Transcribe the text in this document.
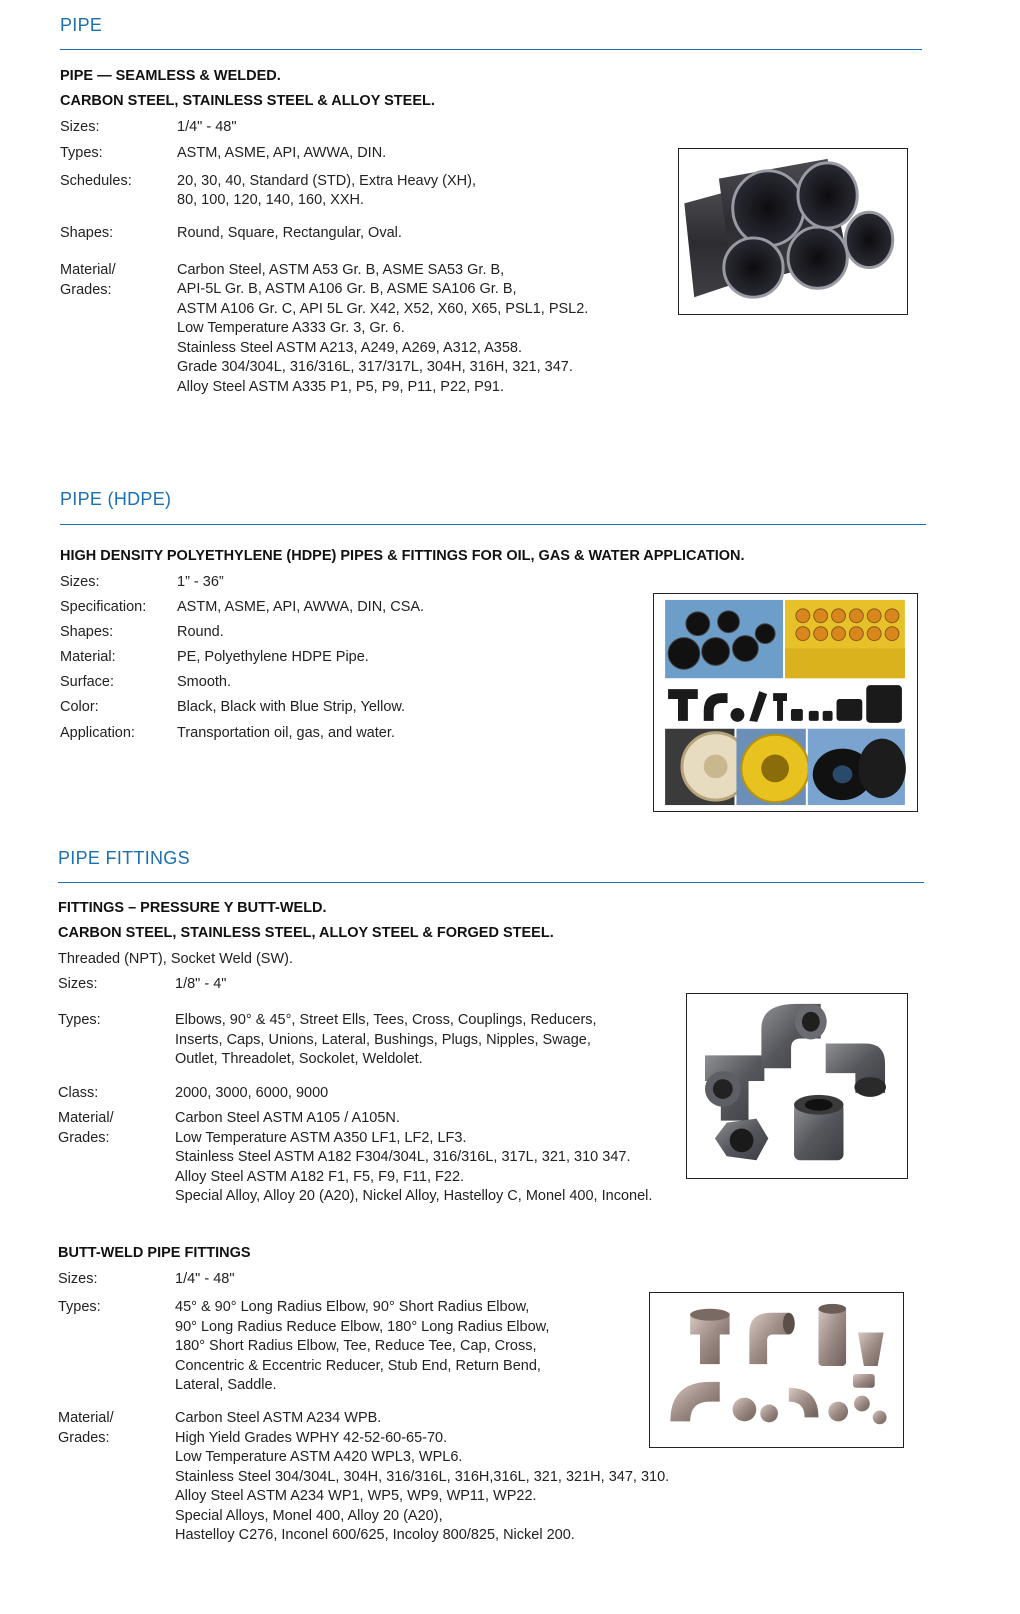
PIPE
PIPE — SEAMLESS & WELDED.
CARBON STEEL, STAINLESS STEEL & ALLOY STEEL.
Sizes:	1/4" - 48"
Types:	ASTM, ASME, API, AWWA, DIN.
Schedules:	20, 30, 40, Standard (STD), Extra Heavy (XH),
80, 100, 120, 140, 160, XXH.
Shapes:	Round, Square, Rectangular, Oval.
Material/
Grades:
Carbon Steel, ASTM A53 Gr. B, ASME SA53 Gr. B,
API-5L Gr. B, ASTM A106 Gr. B, ASME SA106 Gr. B,
ASTM A106 Gr. C, API 5L Gr. X42, X52, X60, X65, PSL1, PSL2.
Low Temperature A333 Gr. 3, Gr. 6.
Stainless Steel ASTM A213, A249, A269, A312, A358.
Grade 304/304L, 316/316L, 317/317L, 304H, 316H, 321, 347.
Alloy Steel ASTM A335 P1, P5, P9, P11, P22, P91.
PIPE (HDPE)
HIGH DENSITY POLYETHYLENE (HDPE) PIPES & FITTINGS FOR OIL, GAS & WATER APPLICATION.
Sizes:	1” - 36”
Specification: ASTM, ASME, API, AWWA, DIN, CSA.
Shapes:	Round.
Material:	PE, Polyethylene HDPE Pipe.
Surface:	Smooth.
Color:	Black, Black with Blue Strip, Yellow.
Application:	Transportation oil, gas, and water.
PIPE FITTINGS
FITTINGS – PRESSURE Y BUTT-WELD.
CARBON STEEL, STAINLESS STEEL, ALLOY STEEL & FORGED STEEL.
Threaded (NPT), Socket Weld (SW).
Sizes:	1/8" - 4"
Types:	Elbows, 90° & 45°, Street Ells, Tees, Cross, Couplings, Reducers,
Inserts, Caps, Unions, Lateral, Bushings, Plugs, Nipples, Swage,
Outlet, Threadolet, Sockolet, Weldolet.
Class:	2000, 3000, 6000, 9000
Material/
Grades:
Carbon Steel ASTM A105 / A105N.
Low Temperature ASTM A350 LF1, LF2, LF3.
Stainless Steel ASTM A182 F304/304L, 316/316L, 317L, 321, 310 347.
Alloy Steel ASTM A182 F1, F5, F9, F11, F22.
Special Alloy, Alloy 20 (A20), Nickel Alloy, Hastelloy C, Monel 400, Inconel.
BUTT-WELD PIPE FITTINGS
Sizes:	1/4" - 48"
Types:	45° & 90° Long Radius Elbow, 90° Short Radius Elbow,
90° Long Radius Reduce Elbow, 180° Long Radius Elbow,
180° Short Radius Elbow, Tee, Reduce Tee, Cap, Cross,
Concentric & Eccentric Reducer, Stub End, Return Bend,
Lateral, Saddle.
Material/
Grades:
Carbon Steel ASTM A234 WPB.
High Yield Grades WPHY 42-52-60-65-70.
Low Temperature ASTM A420 WPL3, WPL6.
Stainless Steel 304/304L, 304H, 316/316L, 316H,316L, 321, 321H, 347, 310.
Alloy Steel ASTM A234 WP1, WP5, WP9, WP11, WP22.
Special Alloys, Monel 400, Alloy 20 (A20),
Hastelloy C276, Inconel 600/625, Incoloy 800/825, Nickel 200.
